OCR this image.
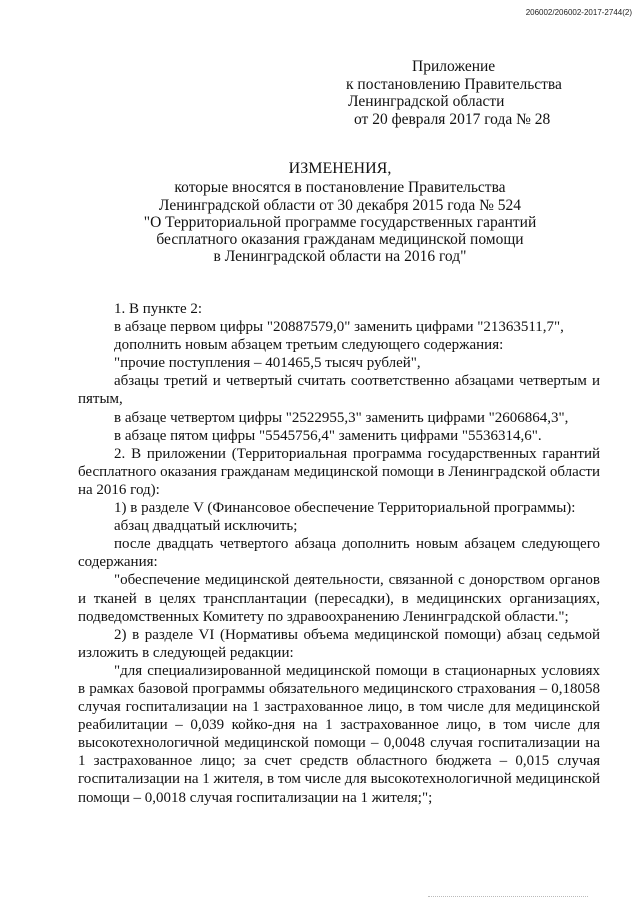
206002/206002-2017-2744(2)
Приложение
к постановлению Правительства
Ленинградской области
от 20 февраля 2017 года № 28
ИЗМЕНЕНИЯ,
которые вносятся в постановление Правительства
Ленинградской области от 30 декабря 2015 года № 524
"О Территориальной программе государственных гарантий
бесплатного оказания гражданам медицинской помощи
в Ленинградской области на 2016 год"

1. В пункте 2:

в абзаце первом цифры "20887579,0" заменить цифрами "21363511,7",

дополнить новым абзацем третьим следующего содержания:

"прочие поступления – 401465,5 тысяч рублей",

абзацы третий и четвертый считать соответственно абзацами четвертым и пятым,

в абзаце четвертом цифры "2522955,3" заменить цифрами "2606864,3",

в абзаце пятом цифры "5545756,4" заменить цифрами "5536314,6".

2. В приложении (Территориальная программа государственных гарантий бесплатного оказания гражданам медицинской помощи в Ленинградской области на 2016 год):

1) в разделе V (Финансовое обеспечение Территориальной программы):

абзац двадцатый исключить;

после двадцать четвертого абзаца дополнить новым абзацем следующего содержания:

"обеспечение медицинской деятельности, связанной с донорством органов и тканей в целях трансплантации (пересадки), в медицинских организациях, подведомственных Комитету по здравоохранению Ленинградской области.";

2) в разделе VI (Нормативы объема медицинской помощи) абзац седьмой изложить в следующей редакции:

"для специализированной медицинской помощи в стационарных условиях в рамках базовой программы обязательного медицинского страхования – 0,18058 случая госпитализации на 1 застрахованное лицо, в том числе для медицинской реабилитации – 0,039 койко-дня на 1 застрахованное лицо, в том числе для высокотехнологичной медицинской помощи – 0,0048 случая госпитализации на 1 застрахованное лицо; за счет средств областного бюджета – 0,015 случая госпитализации на 1 жителя, в том числе для высокотехнологичной медицинской помощи – 0,0018 случая госпитализации на 1 жителя;";
